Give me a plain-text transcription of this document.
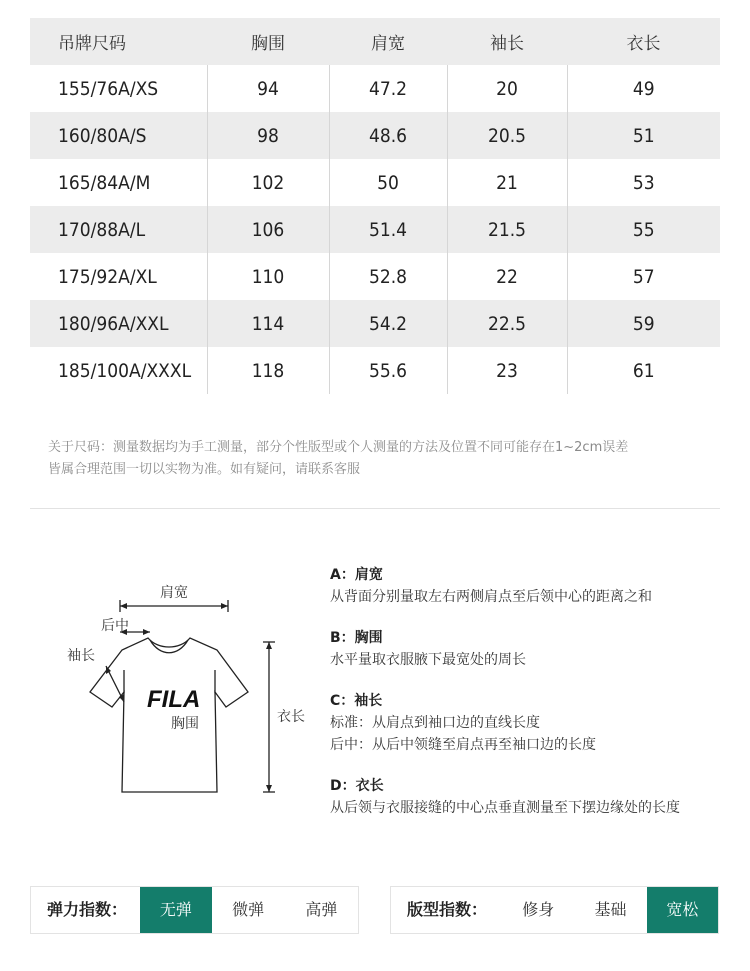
吊牌尺码	胸围	肩宽	袖长	衣长
155/76A/XS	94	47.2	20	49
160/80A/S	98	48.6	20.5	51
165/84A/M	102	50	21	53
170/88A/L	106	51.4	21.5	55
175/92A/XL	110	52.8	22	57
180/96A/XXL	114	54.2	22.5	59
185/100A/XXXL	118	55.6	23	61

关于尺码：测量数据均为手工测量，部分个性版型或个人测量的方法及位置不同可能存在1~2cm误差

皆属合理范围一切以实物为准。如有疑问，请联系客服

FILA
肩宽
后中
袖长
胸围	衣长
A：肩宽
从背面分别量取左右两侧肩点至后领中心的距离之和
B：胸围
水平量取衣服腋下最宽处的周长
C：袖长
标准：从肩点到袖口边的直线长度
后中：从后中领缝至肩点再至袖口边的长度
D：衣长
从后领与衣服接缝的中心点垂直测量至下摆边缘处的长度
弹力指数：	无弹	微弹	高弹	版型指数：	修身	基础	宽松
